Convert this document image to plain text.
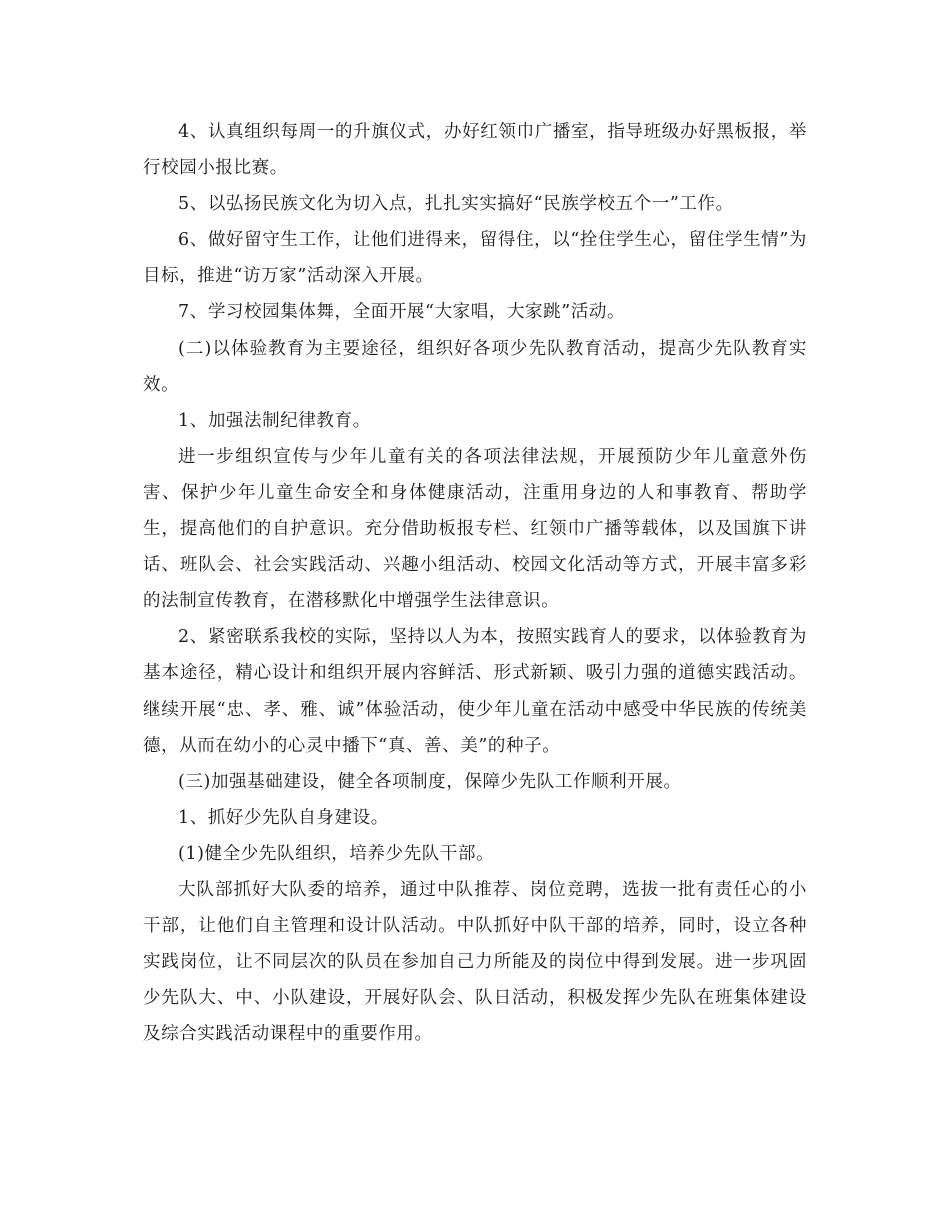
4、认真组织每周一的升旗仪式，办好红领巾广播室，指导班级办好黑板报，举行校园小报比赛。

5、以弘扬民族文化为切入点，扎扎实实搞好“民族学校五个一”工作。

6、做好留守生工作，让他们进得来，留得住，以“拴住学生心，留住学生情”为目标，推进“访万家”活动深入开展。

7、学习校园集体舞，全面开展“大家唱，大家跳”活动。

(二)以体验教育为主要途径，组织好各项少先队教育活动，提高少先队教育实效。

1、加强法制纪律教育。

进一步组织宣传与少年儿童有关的各项法律法规，开展预防少年儿童意外伤害、保护少年儿童生命安全和身体健康活动，注重用身边的人和事教育、帮助学生，提高他们的自护意识。充分借助板报专栏、红领巾广播等载体，以及国旗下讲话、班队会、社会实践活动、兴趣小组活动、校园文化活动等方式，开展丰富多彩的法制宣传教育，在潜移默化中增强学生法律意识。

2、紧密联系我校的实际，坚持以人为本，按照实践育人的要求，以体验教育为基本途径，精心设计和组织开展内容鲜活、形式新颖、吸引力强的道德实践活动。继续开展“忠、孝、雅、诚”体验活动，使少年儿童在活动中感受中华民族的传统美德，从而在幼小的心灵中播下“真、善、美”的种子。

(三)加强基础建设，健全各项制度，保障少先队工作顺利开展。

1、抓好少先队自身建设。

(1)健全少先队组织，培养少先队干部。

大队部抓好大队委的培养，通过中队推荐、岗位竞聘，选拔一批有责任心的小干部，让他们自主管理和设计队活动。中队抓好中队干部的培养，同时，设立各种实践岗位，让不同层次的队员在参加自己力所能及的岗位中得到发展。进一步巩固少先队大、中、小队建设，开展好队会、队日活动，积极发挥少先队在班集体建设及综合实践活动课程中的重要作用。
